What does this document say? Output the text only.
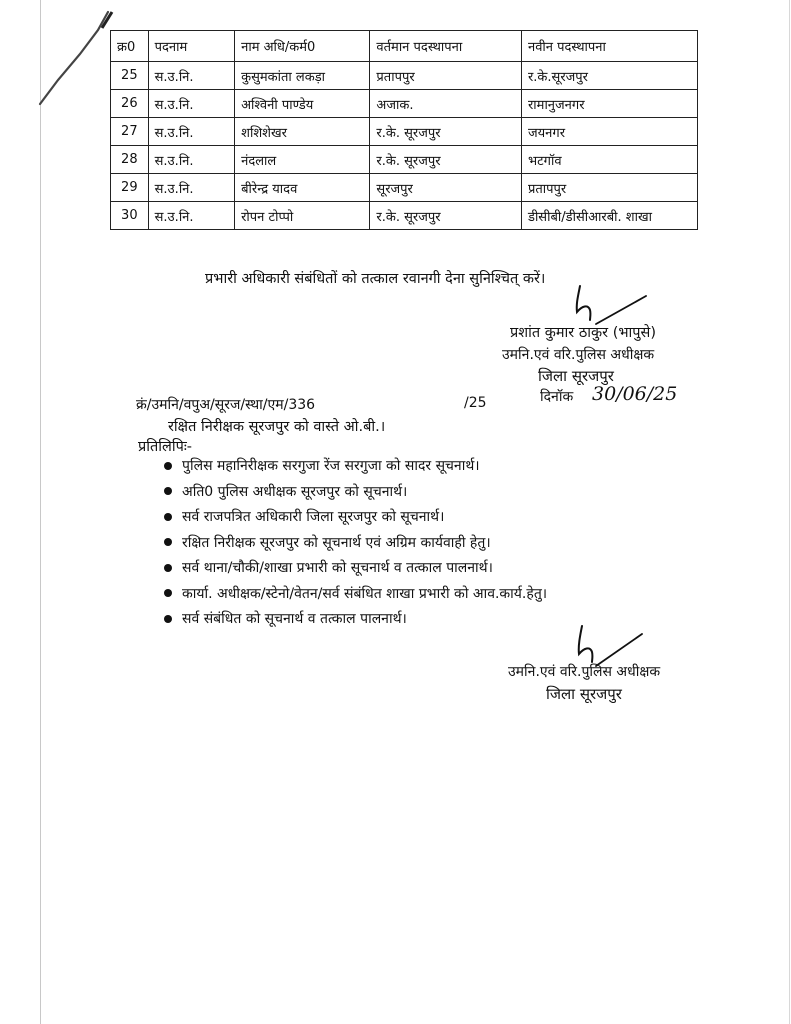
क्र0	पदनाम	नाम अधि/कर्म0	वर्तमान पदस्थापना	नवीन पदस्थापना
25	स.उ.नि.	कुसुमकांता लकड़ा	प्रतापपुर	र.के.सूरजपुर
26	स.उ.नि.	अश्विनी पाण्डेय	अजाक.	रामानुजनगर
27	स.उ.नि.	शशिशेखर	र.के. सूरजपुर	जयनगर
28	स.उ.नि.	नंदलाल	र.के. सूरजपुर	भटगॉव
29	स.उ.नि.	बीरेन्द्र यादव	सूरजपुर	प्रतापपुर
30	स.उ.नि.	रोपन टोप्पो	र.के. सूरजपुर	डीसीबी/डीसीआरबी. शाखा
प्रभारी अधिकारी संबंधितों को तत्काल रवानगी देना सुनिश्चित् करें।
प्रशांत कुमार ठाकुर (भापुसे)
उमनि.एवं वरि.पुलिस अधीक्षक
जिला सूरजपुर
क्रं/उमनि/वपुअ/सूरज/स्था/एम/336	/25	दिनॉक 30/06/25
रक्षित निरीक्षक सूरजपुर को वास्ते ओ.बी.।
प्रतिलिपिः-
पुलिस महानिरीक्षक सरगुजा रेंज सरगुजा को सादर सूचनार्थ।
अति0 पुलिस अधीक्षक सूरजपुर को सूचनार्थ।
सर्व राजपत्रित अधिकारी जिला सूरजपुर को सूचनार्थ।
रक्षित निरीक्षक सूरजपुर को सूचनार्थ एवं अग्रिम कार्यवाही हेतु।
सर्व थाना/चौकी/शाखा प्रभारी को सूचनार्थ व तत्काल पालनार्थ।
कार्या. अधीक्षक/स्टेनो/वेतन/सर्व संबंधित शाखा प्रभारी को आव.कार्य.हेतु।
सर्व संबंधित को सूचनार्थ व तत्काल पालनार्थ।
उमनि.एवं वरि.पुलिस अधीक्षक
जिला सूरजपुर
